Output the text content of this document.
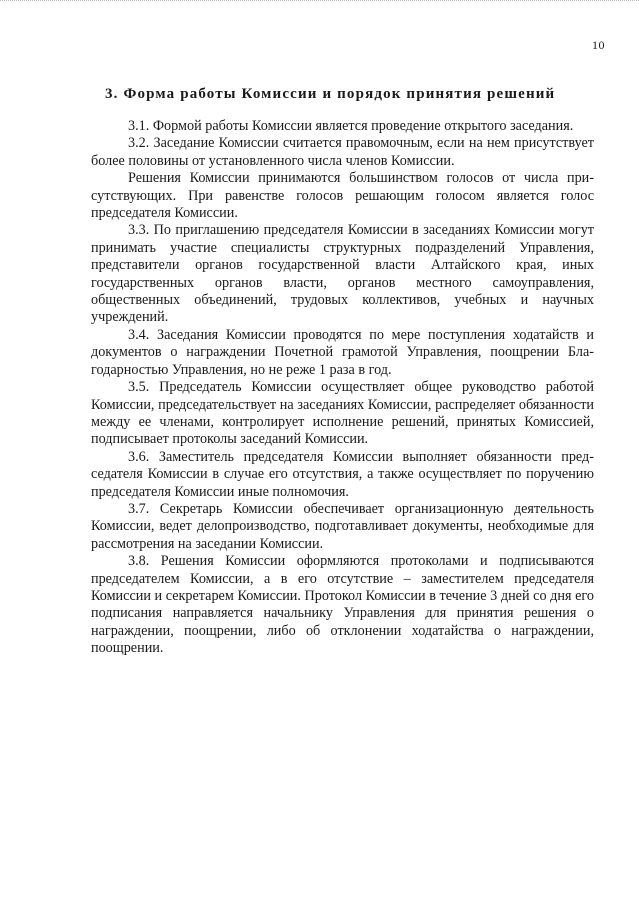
10
3. Форма работы Комиссии и порядок принятия решений

3.1. Формой работы Комиссии является проведение открытого заседания.

3.2. Заседание Комиссии считается правомочным, если на нем присутствует более половины от установленного числа членов Комиссии.

Решения Комиссии принимаются большинством голосов от числа присутствующих. При равенстве голосов решающим голосом является голос председателя Комиссии.

3.3. По приглашению председателя Комиссии в заседаниях Комиссии могут принимать участие специалисты структурных подразделений Управления, представители органов государственной власти Алтайского края, иных государственных органов власти, органов местного самоуправления, общественных объединений, трудовых коллективов, учебных и научных учреждений.

3.4. Заседания Комиссии проводятся по мере поступления ходатайств и документов о награждении Почетной грамотой Управления, поощрении Благодарностью Управления, но не реже 1 раза в год.

3.5. Председатель Комиссии осуществляет общее руководство работой Комиссии, председательствует на заседаниях Комиссии, распределяет обязанности между ее членами, контролирует исполнение решений, принятых Комиссией, подписывает протоколы заседаний Комиссии.

3.6. Заместитель председателя Комиссии выполняет обязанности председателя Комиссии в случае его отсутствия, а также осуществляет по поручению председателя Комиссии иные полномочия.

3.7. Секретарь Комиссии обеспечивает организационную деятельность Комиссии, ведет делопроизводство, подготавливает документы, необходимые для рассмотрения на заседании Комиссии.

3.8. Решения Комиссии оформляются протоколами и подписываются председателем Комиссии, а в его отсутствие – заместителем председателя Комиссии и секретарем Комиссии. Протокол Комиссии в течение 3 дней со дня его подписания направляется начальнику Управления для принятия решения о награждении, поощрении, либо об отклонении ходатайства о награждении, поощрении.
